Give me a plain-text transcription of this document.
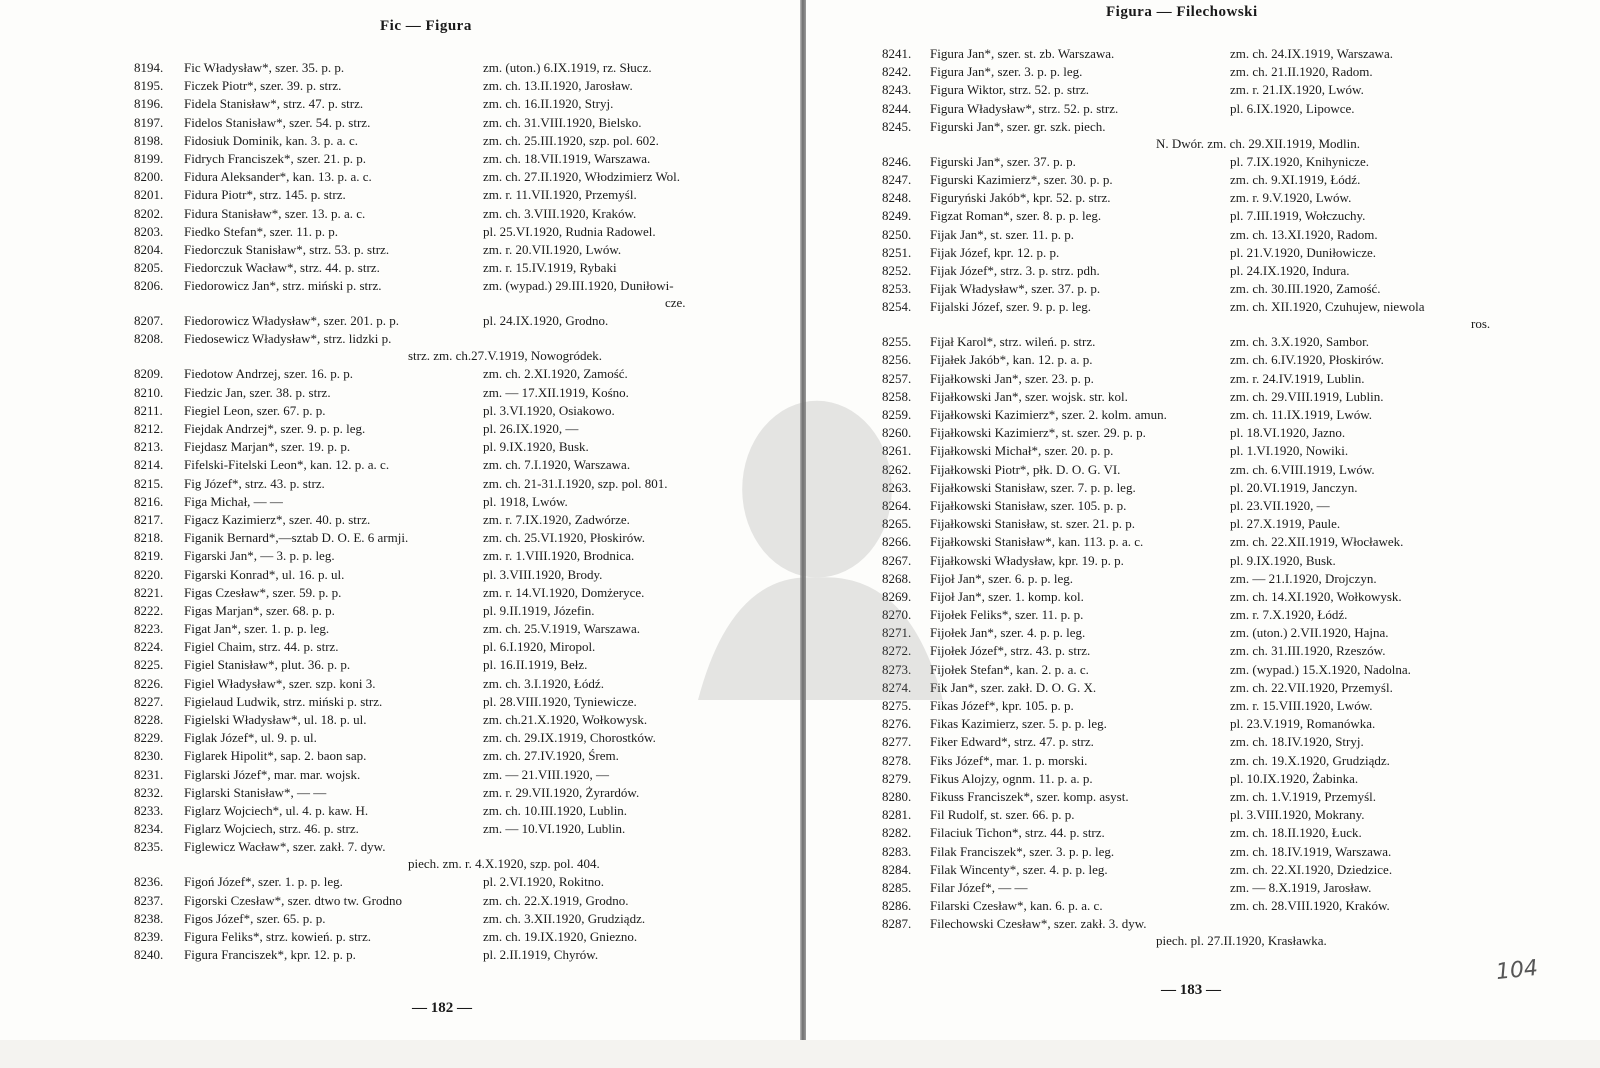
Fic — Figura
8194.	Fic Władysław*, szer. 35. p. p.	zm. (uton.) 6.IX.1919, rz. Słucz.
8195.	Ficzek Piotr*, szer. 39. p. strz.	zm. ch. 13.II.1920, Jarosław.
8196.	Fidela Stanisław*, strz. 47. p. strz.	zm. ch. 16.II.1920, Stryj.
8197.	Fidelos Stanisław*, szer. 54. p. strz.	zm. ch. 31.VIII.1920, Bielsko.
8198.	Fidosiuk Dominik, kan. 3. p. a. c.	zm. ch. 25.III.1920, szp. pol. 602.
8199.	Fidrych Franciszek*, szer. 21. p. p.	zm. ch. 18.VII.1919, Warszawa.
8200.	Fidura Aleksander*, kan. 13. p. a. c.	zm. ch. 27.II.1920, Włodzimierz Wol.
8201.	Fidura Piotr*, strz. 145. p. strz.	zm. r. 11.VII.1920, Przemyśl.
8202.	Fidura Stanisław*, szer. 13. p. a. c.	zm. ch. 3.VIII.1920, Kraków.
8203.	Fiedko Stefan*, szer. 11. p. p.	pl. 25.VI.1920, Rudnia Radowel.
8204.	Fiedorczuk Stanisław*, strz. 53. p. strz.	zm. r. 20.VII.1920, Lwów.
8205.	Fiedorczuk Wacław*, strz. 44. p. strz.	zm. r. 15.IV.1919, Rybaki
8206.	Fiedorowicz Jan*, strz. miński p. strz.	zm. (wypad.) 29.III.1920, Duniłowi-
cze.
8207.	Fiedorowicz Władysław*, szer. 201. p. p.	pl. 24.IX.1920, Grodno.
8208.	Fiedosewicz Władysław*, strz. lidzki p.
strz. zm. ch.27.V.1919, Nowogródek.
8209.	Fiedotow Andrzej, szer. 16. p. p.	zm. ch. 2.XI.1920, Zamość.
8210.	Fiedzic Jan, szer. 38. p. strz.	zm. — 17.XII.1919, Kośno.
8211.	Fiegiel Leon, szer. 67. p. p.	pl. 3.VI.1920, Osiakowo.
8212.	Fiejdak Andrzej*, szer. 9. p. p. leg.	pl. 26.IX.1920, —
8213.	Fiejdasz Marjan*, szer. 19. p. p.	pl. 9.IX.1920, Busk.
8214.	Fifelski-Fitelski Leon*, kan. 12. p. a. c.	zm. ch. 7.I.1920, Warszawa.
8215.	Fig Józef*, strz. 43. p. strz.	zm. ch. 21-31.I.1920, szp. pol. 801.
8216.	Figa Michał, — —	pl. 1918, Lwów.
8217.	Figacz Kazimierz*, szer. 40. p. strz.	zm. r. 7.IX.1920, Zadwórze.
8218.	Figanik Bernard*,—sztab D. O. E. 6 armji.	zm. ch. 25.VI.1920, Płoskirów.
8219.	Figarski Jan*, — 3. p. p. leg.	zm. r. 1.VIII.1920, Brodnica.
8220.	Figarski Konrad*, ul. 16. p. ul.	pl. 3.VIII.1920, Brody.
8221.	Figas Czesław*, szer. 59. p. p.	zm. r. 14.VI.1920, Domżeryce.
8222.	Figas Marjan*, szer. 68. p. p.	pl. 9.II.1919, Józefin.
8223.	Figat Jan*, szer. 1. p. p. leg.	zm. ch. 25.V.1919, Warszawa.
8224.	Figiel Chaim, strz. 44. p. strz.	pl. 6.I.1920, Miropol.
8225.	Figiel Stanisław*, plut. 36. p. p.	pl. 16.II.1919, Bełz.
8226.	Figiel Władysław*, szer. szp. koni 3.	zm. ch. 3.I.1920, Łódź.
8227.	Figielaud Ludwik, strz. miński p. strz.	pl. 28.VIII.1920, Tyniewicze.
8228.	Figielski Władysław*, ul. 18. p. ul.	zm. ch.21.X.1920, Wołkowysk.
8229.	Figlak Józef*, ul. 9. p. ul.	zm. ch. 29.IX.1919, Chorostków.
8230.	Figlarek Hipolit*, sap. 2. baon sap.	zm. ch. 27.IV.1920, Śrem.
8231.	Figlarski Józef*, mar. mar. wojsk.	zm. — 21.VIII.1920, —
8232.	Figlarski Stanisław*, — —	zm. r. 29.VII.1920, Żyrardów.
8233.	Figlarz Wojciech*, ul. 4. p. kaw. H.	zm. ch. 10.III.1920, Lublin.
8234.	Figlarz Wojciech, strz. 46. p. strz.	zm. — 10.VI.1920, Lublin.
8235.	Figlewicz Wacław*, szer. zakł. 7. dyw.
piech. zm. r. 4.X.1920, szp. pol. 404.
8236.	Figoń Józef*, szer. 1. p. p. leg.	pl. 2.VI.1920, Rokitno.
8237.	Figorski Czesław*, szer. dtwo tw. Grodno	zm. ch. 22.X.1919, Grodno.
8238.	Figos Józef*, szer. 65. p. p.	zm. ch. 3.XII.1920, Grudziądz.
8239.	Figura Feliks*, strz. kowień. p. strz.	zm. ch. 19.IX.1920, Gniezno.
8240.	Figura Franciszek*, kpr. 12. p. p.	pl. 2.II.1919, Chyrów.
— 182 —
Figura — Filechowski
8241.	Figura Jan*, szer. st. zb. Warszawa.	zm. ch. 24.IX.1919, Warszawa.
8242.	Figura Jan*, szer. 3. p. p. leg.	zm. ch. 21.II.1920, Radom.
8243.	Figura Wiktor, strz. 52. p. strz.	zm. r. 21.IX.1920, Lwów.
8244.	Figura Władysław*, strz. 52. p. strz.	pl. 6.IX.1920, Lipowce.
8245.	Figurski Jan*, szer. gr. szk. piech.
N. Dwór. zm. ch. 29.XII.1919, Modlin.
8246.	Figurski Jan*, szer. 37. p. p.	pl. 7.IX.1920, Knihynicze.
8247.	Figurski Kazimierz*, szer. 30. p. p.	zm. ch. 9.XI.1919, Łódź.
8248.	Figuryński Jakób*, kpr. 52. p. strz.	zm. r. 9.V.1920, Lwów.
8249.	Figzat Roman*, szer. 8. p. p. leg.	pl. 7.III.1919, Wołczuchy.
8250.	Fijak Jan*, st. szer. 11. p. p.	zm. ch. 13.XI.1920, Radom.
8251.	Fijak Józef, kpr. 12. p. p.	pl. 21.V.1920, Duniłowicze.
8252.	Fijak Józef*, strz. 3. p. strz. pdh.	pl. 24.IX.1920, Indura.
8253.	Fijak Władysław*, szer. 37. p. p.	zm. ch. 30.III.1920, Zamość.
8254.	Fijalski Józef, szer. 9. p. p. leg.	zm. ch. XII.1920, Czuhujew, niewola
ros.
8255.	Fijał Karol*, strz. wileń. p. strz.	zm. ch. 3.X.1920, Sambor.
8256.	Fijałek Jakób*, kan. 12. p. a. p.	zm. ch. 6.IV.1920, Płoskirów.
8257.	Fijałkowski Jan*, szer. 23. p. p.	zm. r. 24.IV.1919, Lublin.
8258.	Fijałkowski Jan*, szer. wojsk. str. kol.	zm. ch. 29.VIII.1919, Lublin.
8259.	Fijałkowski Kazimierz*, szer. 2. kolm. amun.	zm. ch. 11.IX.1919, Lwów.
8260.	Fijałkowski Kazimierz*, st. szer. 29. p. p.	pl. 18.VI.1920, Jazno.
8261.	Fijałkowski Michał*, szer. 20. p. p.	pl. 1.VI.1920, Nowiki.
8262.	Fijałkowski Piotr*, płk. D. O. G. VI.	zm. ch. 6.VIII.1919, Lwów.
8263.	Fijałkowski Stanisław, szer. 7. p. p. leg.	pl. 20.VI.1919, Janczyn.
8264.	Fijałkowski Stanisław, szer. 105. p. p.	pl. 23.VII.1920, —
8265.	Fijałkowski Stanisław, st. szer. 21. p. p.	pl. 27.X.1919, Paule.
8266.	Fijałkowski Stanisław*, kan. 113. p. a. c.	zm. ch. 22.XII.1919, Włocławek.
8267.	Fijałkowski Władysław, kpr. 19. p. p.	pl. 9.IX.1920, Busk.
8268.	Fijoł Jan*, szer. 6. p. p. leg.	zm. — 21.I.1920, Drojczyn.
8269.	Fijoł Jan*, szer. 1. komp. kol.	zm. ch. 14.XI.1920, Wołkowysk.
8270.	Fijołek Feliks*, szer. 11. p. p.	zm. r. 7.X.1920, Łódź.
8271.	Fijołek Jan*, szer. 4. p. p. leg.	zm. (uton.) 2.VII.1920, Hajna.
8272.	Fijołek Józef*, strz. 43. p. strz.	zm. ch. 31.III.1920, Rzeszów.
8273.	Fijołek Stefan*, kan. 2. p. a. c.	zm. (wypad.) 15.X.1920, Nadolna.
8274.	Fik Jan*, szer. zakł. D. O. G. X.	zm. ch. 22.VII.1920, Przemyśl.
8275.	Fikas Józef*, kpr. 105. p. p.	zm. r. 15.VIII.1920, Lwów.
8276.	Fikas Kazimierz, szer. 5. p. p. leg.	pl. 23.V.1919, Romanówka.
8277.	Fiker Edward*, strz. 47. p. strz.	zm. ch. 18.IV.1920, Stryj.
8278.	Fiks Józef*, mar. 1. p. morski.	zm. ch. 19.X.1920, Grudziądz.
8279.	Fikus Alojzy, ognm. 11. p. a. p.	pl. 10.IX.1920, Żabinka.
8280.	Fikuss Franciszek*, szer. komp. asyst.	zm. ch. 1.V.1919, Przemyśl.
8281.	Fil Rudolf, st. szer. 66. p. p.	pl. 3.VIII.1920, Mokrany.
8282.	Filaciuk Tichon*, strz. 44. p. strz.	zm. ch. 18.II.1920, Łuck.
8283.	Filak Franciszek*, szer. 3. p. p. leg.	zm. ch. 18.IV.1919, Warszawa.
8284.	Filak Wincenty*, szer. 4. p. p. leg.	zm. ch. 22.XI.1920, Dziedzice.
8285.	Filar Józef*, — —	zm. — 8.X.1919, Jarosław.
8286.	Filarski Czesław*, kan. 6. p. a. c.	zm. ch. 28.VIII.1920, Kraków.
8287.	Filechowski Czesław*, szer. zakł. 3. dyw.
piech. pl. 27.II.1920, Krasławka.
— 183 —
104
